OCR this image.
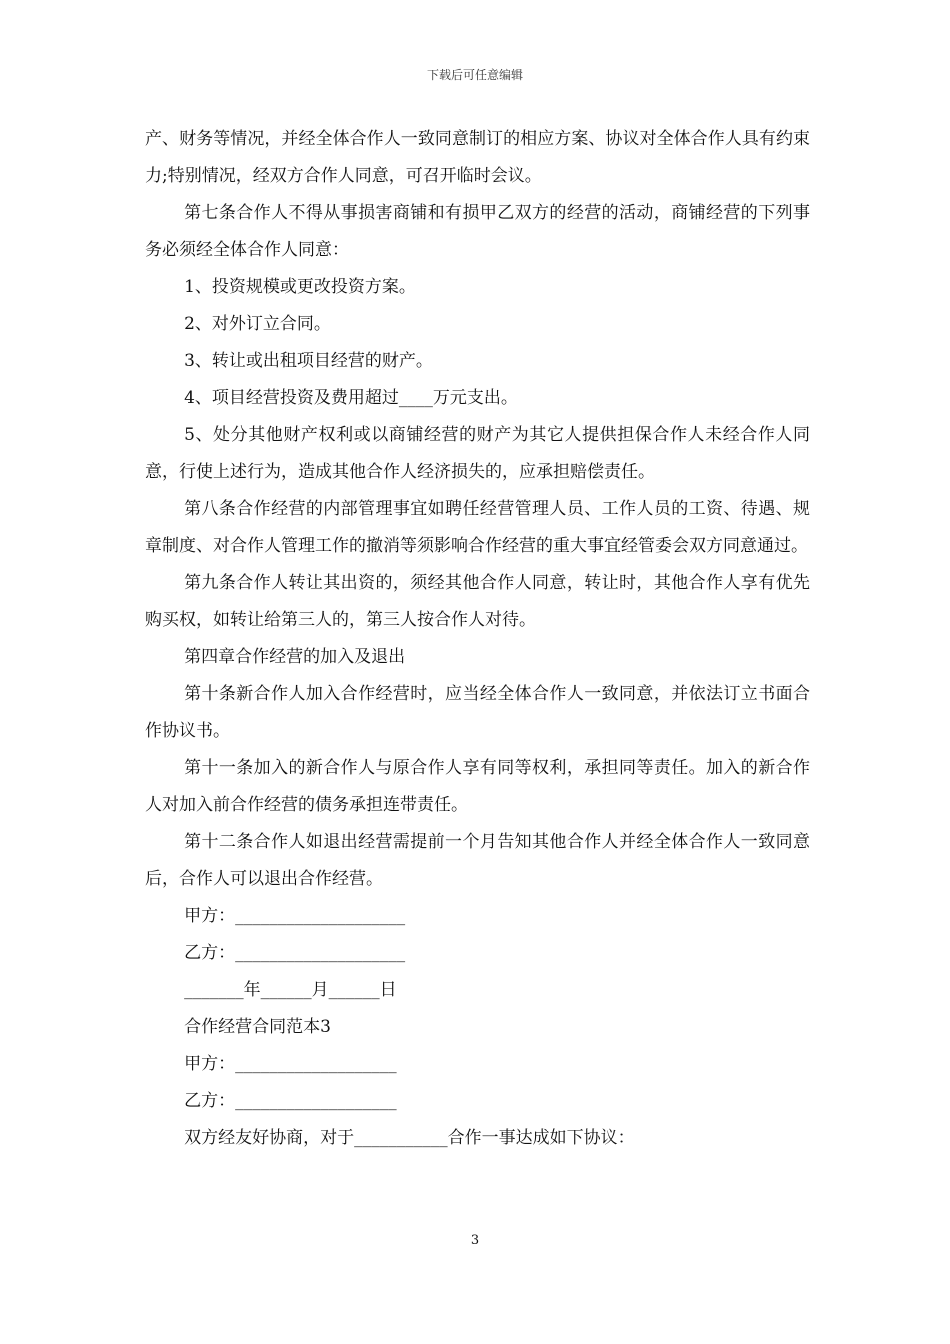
下载后可任意编辑

产、财务等情况，并经全体合作人一致同意制订的相应方案、协议对全体合作人具有约束力;特别情况，经双方合作人同意，可召开临时会议。

第七条合作人不得从事损害商铺和有损甲乙双方的经营的活动，商铺经营的下列事务必须经全体合作人同意：

1、投资规模或更改投资方案。

2、对外订立合同。

3、转让或出租项目经营的财产。

4、项目经营投资及费用超过____万元支出。

5、处分其他财产权利或以商铺经营的财产为其它人提供担保合作人未经合作人同意，行使上述行为，造成其他合作人经济损失的，应承担赔偿责任。

第八条合作经营的内部管理事宜如聘任经营管理人员、工作人员的工资、待遇、规章制度、对合作人管理工作的撤消等须影响合作经营的重大事宜经管委会双方同意通过。

第九条合作人转让其出资的，须经其他合作人同意，转让时，其他合作人享有优先购买权，如转让给第三人的，第三人按合作人对待。

第四章合作经营的加入及退出

第十条新合作人加入合作经营时，应当经全体合作人一致同意，并依法订立书面合作协议书。

第十一条加入的新合作人与原合作人享有同等权利，承担同等责任。加入的新合作人对加入前合作经营的债务承担连带责任。

第十二条合作人如退出经营需提前一个月告知其他合作人并经全体合作人一致同意后，合作人可以退出合作经营。

甲方：____________________

乙方：____________________

_______年______月______日

合作经营合同范本3

甲方：___________________

乙方：___________________

双方经友好协商，对于___________合作一事达成如下协议：

3
